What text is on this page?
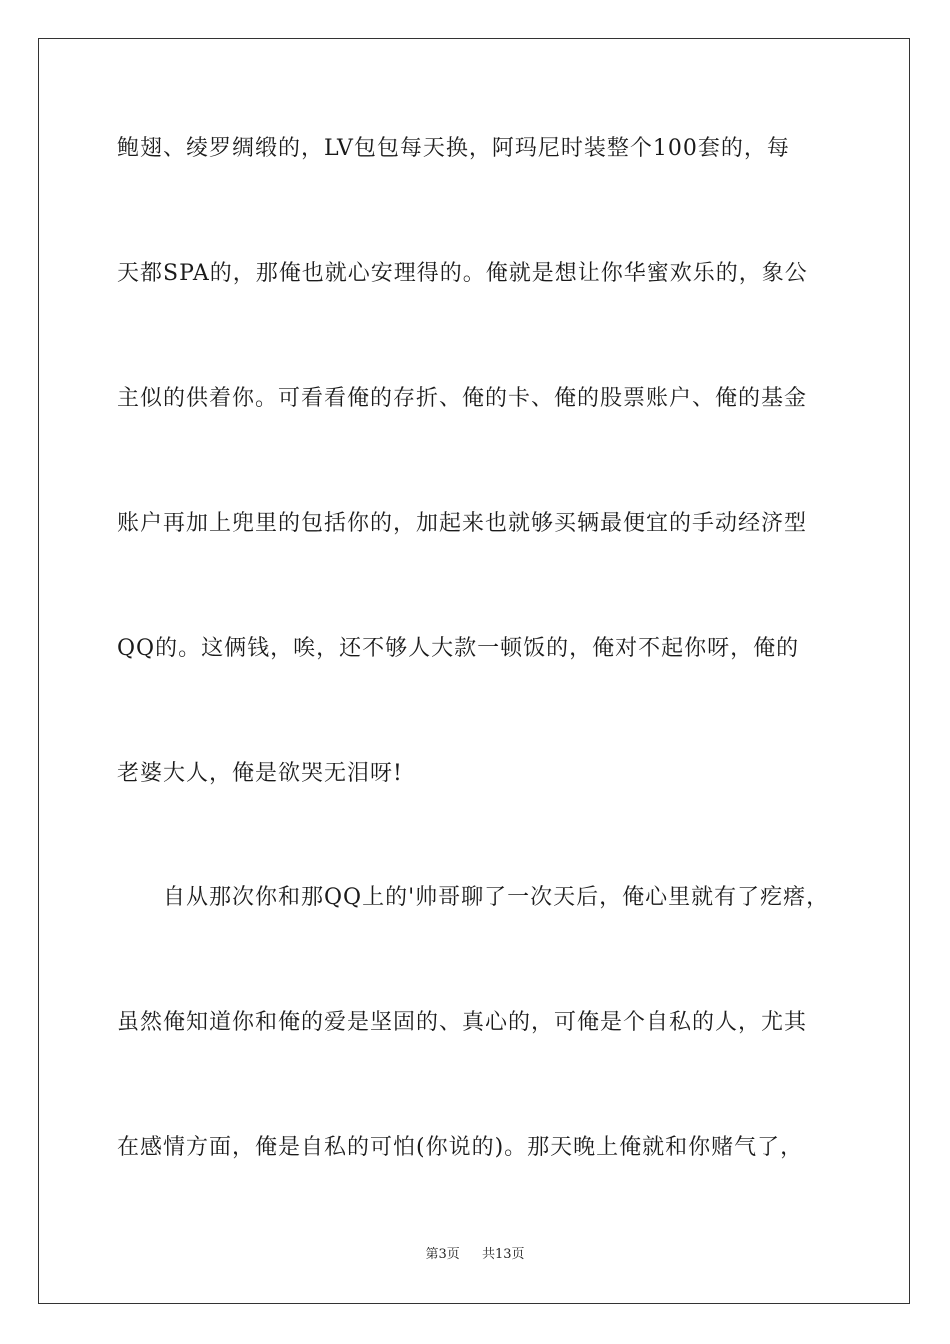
鲍翅、绫罗绸缎的，LV包包每天换，阿玛尼时装整个100套的，每
天都SPA的，那俺也就心安理得的。俺就是想让你华蜜欢乐的，象公
主似的供着你。可看看俺的存折、俺的卡、俺的股票账户、俺的基金
账户再加上兜里的包括你的，加起来也就够买辆最便宜的手动经济型
QQ的。这俩钱，唉，还不够人大款一顿饭的，俺对不起你呀，俺的
老婆大人，俺是欲哭无泪呀!
自从那次你和那QQ上的'帅哥聊了一次天后，俺心里就有了疙瘩，
虽然俺知道你和俺的爱是坚固的、真心的，可俺是个自私的人，尤其
在感情方面，俺是自私的可怕(你说的)。那天晚上俺就和你赌气了，
第3页 共13页
